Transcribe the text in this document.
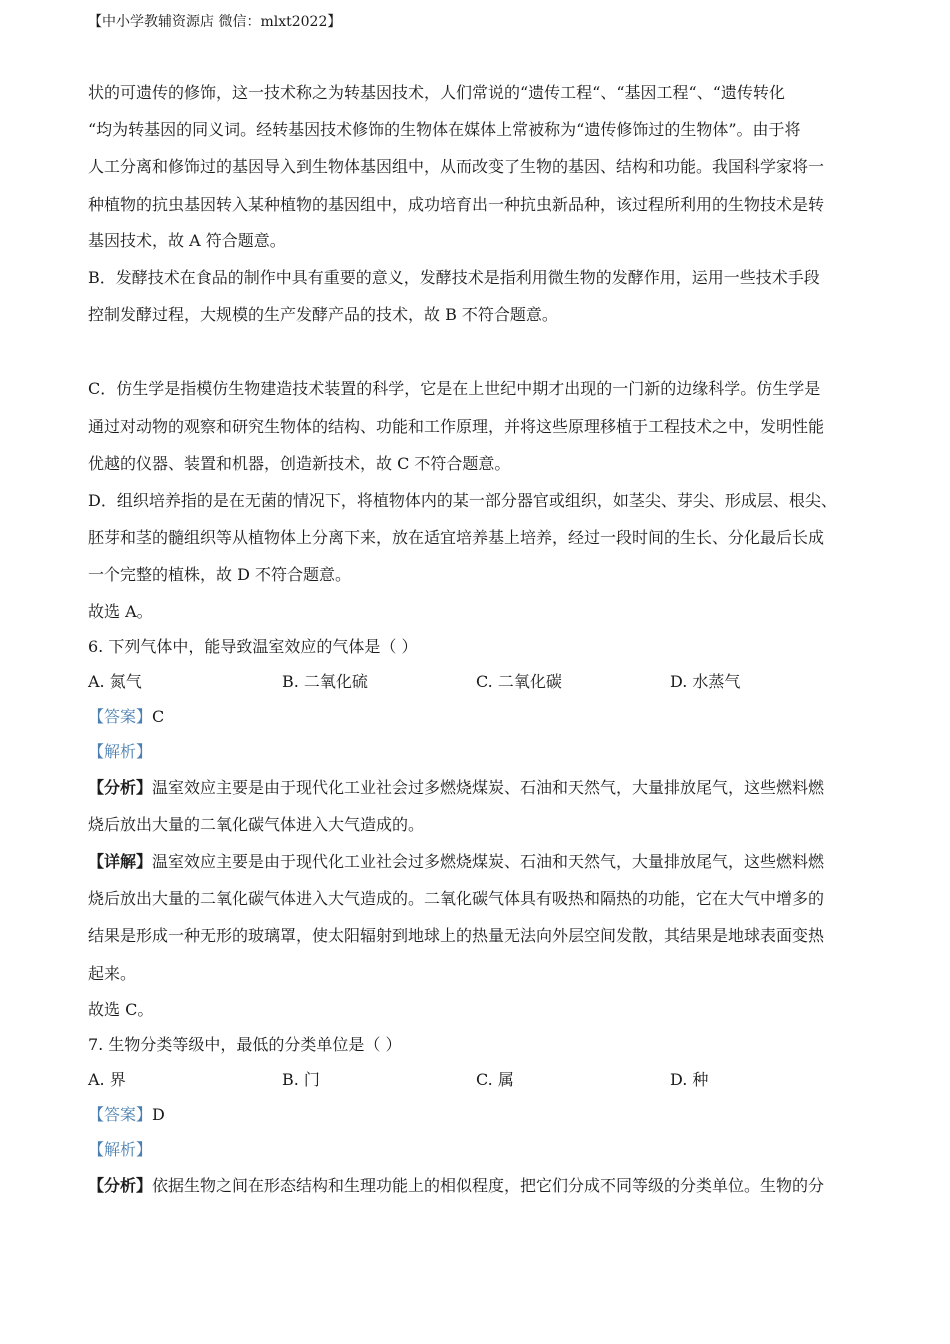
【中小学教辅资源店 微信：mlxt2022】
状的可遗传的修饰，这一技术称之为转基因技术，人们常说的“遗传工程“、“基因工程“、“遗传转化
“均为转基因的同义词。经转基因技术修饰的生物体在媒体上常被称为“遗传修饰过的生物体”。由于将
人工分离和修饰过的基因导入到生物体基因组中，从而改变了生物的基因、结构和功能。我国科学家将一
种植物的抗虫基因转入某种植物的基因组中，成功培育出一种抗虫新品种，该过程所利用的生物技术是转
基因技术，故 A 符合题意。
B．发酵技术在食品的制作中具有重要的意义，发酵技术是指利用微生物的发酵作用，运用一些技术手段
控制发酵过程，大规模的生产发酵产品的技术，故 B 不符合题意。
C．仿生学是指模仿生物建造技术装置的科学，它是在上世纪中期才出现的一门新的边缘科学。仿生学是
通过对动物的观察和研究生物体的结构、功能和工作原理，并将这些原理移植于工程技术之中，发明性能
优越的仪器、装置和机器，创造新技术，故 C 不符合题意。
D．组织培养指的是在无菌的情况下，将植物体内的某一部分器官或组织，如茎尖、芽尖、形成层、根尖、
胚芽和茎的髓组织等从植物体上分离下来，放在适宜培养基上培养，经过一段时间的生长、分化最后长成
一个完整的植株，故 D 不符合题意。
故选 A。
6. 下列气体中，能导致温室效应的气体是（ ）
A. 氮气	B. 二氧化硫	C. 二氧化碳	D. 水蒸气
【答案】C
【解析】
【分析】温室效应主要是由于现代化工业社会过多燃烧煤炭、石油和天然气，大量排放尾气，这些燃料燃
烧后放出大量的二氧化碳气体进入大气造成的。
【详解】温室效应主要是由于现代化工业社会过多燃烧煤炭、石油和天然气，大量排放尾气，这些燃料燃
烧后放出大量的二氧化碳气体进入大气造成的。二氧化碳气体具有吸热和隔热的功能，它在大气中增多的
结果是形成一种无形的玻璃罩，使太阳辐射到地球上的热量无法向外层空间发散，其结果是地球表面变热
起来。
故选 C。
7. 生物分类等级中，最低的分类单位是（ ）
A. 界	B. 门	C. 属	D. 种
【答案】D
【解析】
【分析】依据生物之间在形态结构和生理功能上的相似程度，把它们分成不同等级的分类单位。生物的分
